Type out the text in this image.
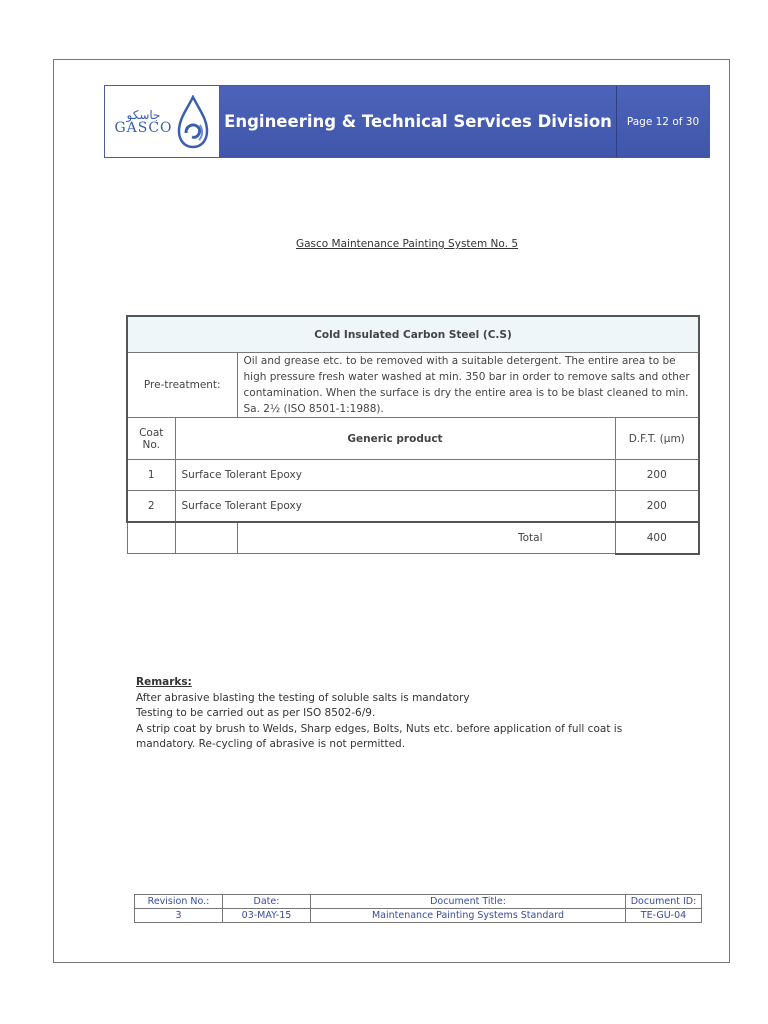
جاسكو
GASCO	Engineering & Technical Services Division	Page 12 of 30
Gasco Maintenance Painting System No. 5
Cold Insulated Carbon Steel (C.S)			
Pre-treatment:		Oil and grease etc. to be removed with a suitable detergent. The entire area to be high pressure fresh water washed at min. 350 bar in order to remove salts and other contamination. When the surface is dry the entire area is to be blast cleaned to min. Sa. 2½ (ISO 8501-1:1988).	
Coat No.	Generic product		D.F.T. (µm)
1	Surface Tolerant Epoxy		200
2	Surface Tolerant Epoxy		200
		Total	400
Remarks:
After abrasive blasting the testing of soluble salts is mandatory
Testing to be carried out as per ISO 8502-6/9.
A strip coat by brush to Welds, Sharp edges, Bolts, Nuts etc. before application of full coat is mandatory. Re-cycling of abrasive is not permitted.
Revision No.:	Date:	Document Title:	Document ID:
3	03-MAY-15	Maintenance Painting Systems Standard	TE-GU-04
